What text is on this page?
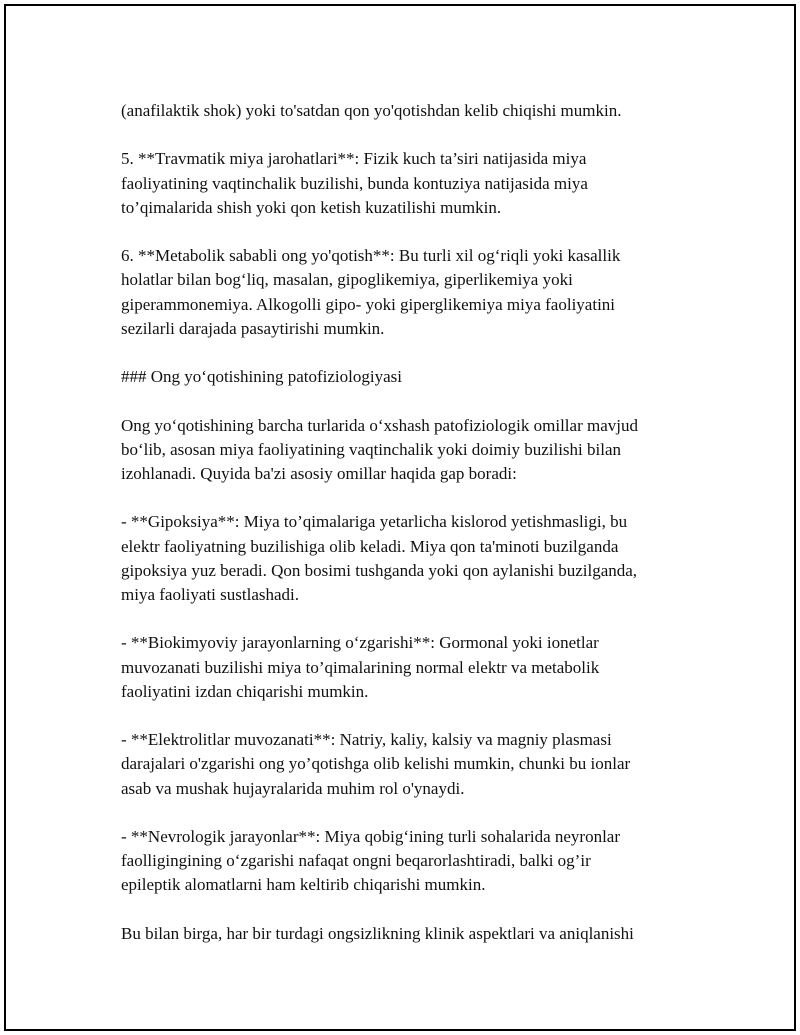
(anafilaktik shok) yoki to'satdan qon yo'qotishdan kelib chiqishi mumkin.

5. **Travmatik miya jarohatlari**: Fizik kuch ta’siri natijasida miya
faoliyatining vaqtinchalik buzilishi, bunda kontuziya natijasida miya
to’qimalarida shish yoki qon ketish kuzatilishi mumkin.

6. **Metabolik sababli ong yo'qotish**: Bu turli xil og‘riqli yoki kasallik
holatlar bilan bog‘liq, masalan, gipoglikemiya, giperlikemiya yoki
giperammonemiya. Alkogolli gipo- yoki giperglikemiya miya faoliyatini
sezilarli darajada pasaytirishi mumkin.

### Ong yo‘qotishining patofiziologiyasi

Ong yo‘qotishining barcha turlarida o‘xshash patofiziologik omillar mavjud
bo‘lib, asosan miya faoliyatining vaqtinchalik yoki doimiy buzilishi bilan
izohlanadi. Quyida ba'zi asosiy omillar haqida gap boradi:

- **Gipoksiya**: Miya to’qimalariga yetarlicha kislorod yetishmasligi, bu
elektr faoliyatning buzilishiga olib keladi. Miya qon ta'minoti buzilganda
gipoksiya yuz beradi. Qon bosimi tushganda yoki qon aylanishi buzilganda,
miya faoliyati sustlashadi.

- **Biokimyoviy jarayonlarning o‘zgarishi**: Gormonal yoki ionetlar
muvozanati buzilishi miya to’qimalarining normal elektr va metabolik
faoliyatini izdan chiqarishi mumkin.

- **Elektrolitlar muvozanati**: Natriy, kaliy, kalsiy va magniy plasmasi
darajalari o'zgarishi ong yo’qotishga olib kelishi mumkin, chunki bu ionlar
asab va mushak hujayralarida muhim rol o'ynaydi.

- **Nevrologik jarayonlar**: Miya qobig‘ining turli sohalarida neyronlar
faolligingining o‘zgarishi nafaqat ongni beqarorlashtiradi, balki og’ir
epileptik alomatlarni ham keltirib chiqarishi mumkin.

Bu bilan birga, har bir turdagi ongsizlikning klinik aspektlari va aniqlanishi
